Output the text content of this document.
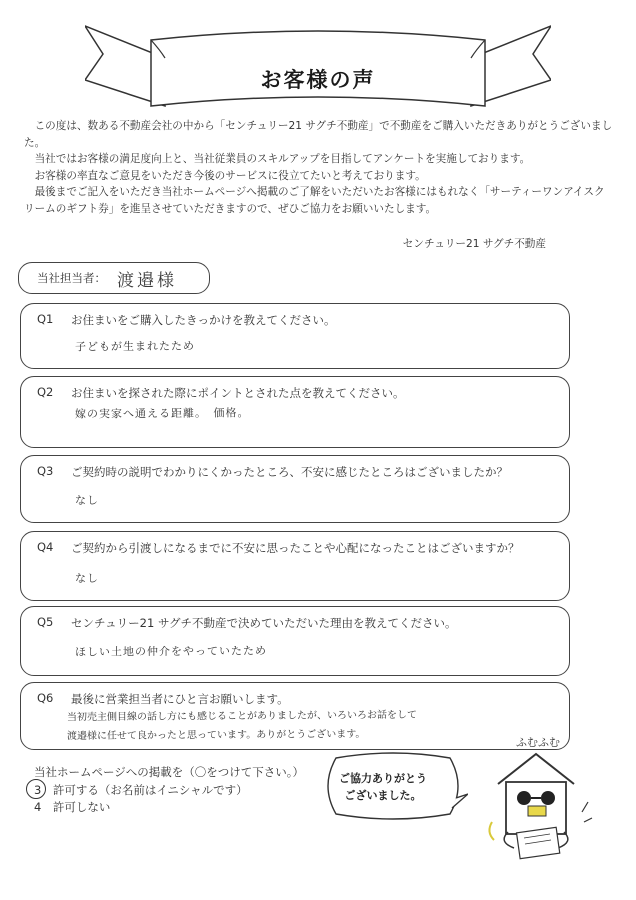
お客様の声

この度は、数ある不動産会社の中から「センチュリー21 サグチ不動産」で不動産をご購入いただきありがとうございました。

当社ではお客様の満足度向上と、当社従業員のスキルアップを目指してアンケートを実施しております。

お客様の率直なご意見をいただき今後のサービスに役立てたいと考えております。

最後までご記入をいただき当社ホームページへ掲載のご了解をいただいたお客様にはもれなく「サーティーワンアイスクリームのギフト券」を進呈させていただきますので、ぜひご協力をお願いいたします。

センチュリー21 サグチ不動産
当社担当者： 渡邉様
Q1 お住まいをご購入したきっかけを教えてください。
子どもが生まれたため
Q2 お住まいを探された際にポイントとされた点を教えてください。
嫁の実家へ通える距離。　価格。
Q3 ご契約時の説明でわかりにくかったところ、不安に感じたところはございましたか？
なし
Q4 ご契約から引渡しになるまでに不安に思ったことや心配になったことはございますか？
なし
Q5 センチュリー21 サグチ不動産で決めていただいた理由を教えてください。
ほしい土地の仲介をやっていたため
Q6 最後に営業担当者にひと言お願いします。
当初売主側目線の話し方にも感じることがありましたが、いろいろお話をして
渡邉様に任せて良かったと思っています。ありがとうございます。
当社ホームページへの掲載を（〇をつけて下さい。）
3　許可する（お名前はイニシャルです）
4　許可しない
ご協力ありがとう
ございました。
ふむふむ
